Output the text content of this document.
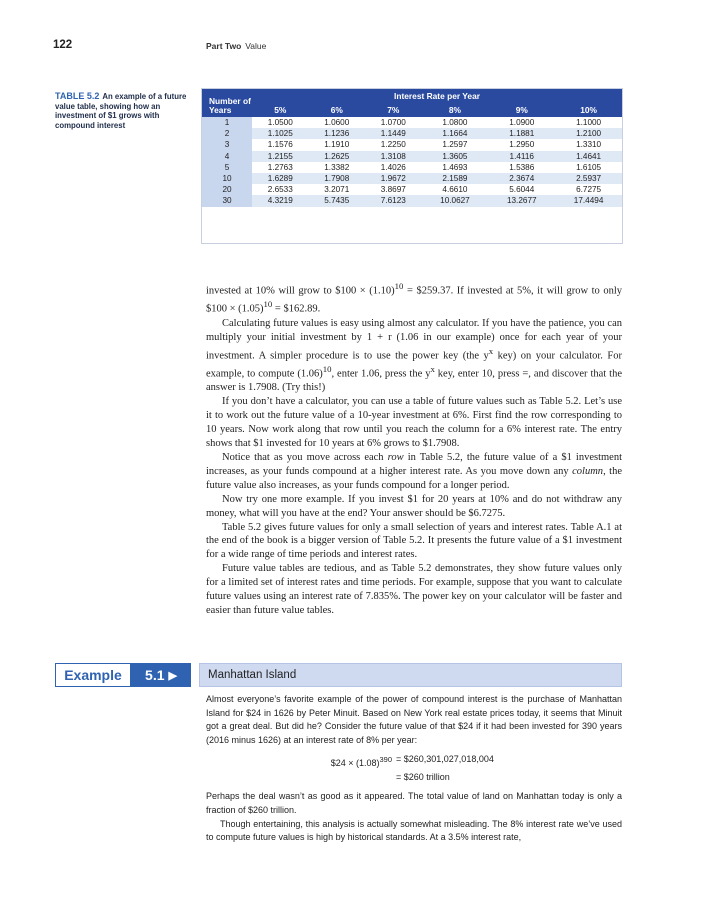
122	Part Two Value
TABLE 5.2 An example of a future value table, showing how an investment of $1 grows with compound interest
Number of Years	Interest Rate per Year					
	5%	6%	7%	8%	9%	10%
1	1.0500	1.0600	1.0700	1.0800	1.0900	1.1000
2	1.1025	1.1236	1.1449	1.1664	1.1881	1.2100
3	1.1576	1.1910	1.2250	1.2597	1.2950	1.3310
4	1.2155	1.2625	1.3108	1.3605	1.4116	1.4641
5	1.2763	1.3382	1.4026	1.4693	1.5386	1.6105
10	1.6289	1.7908	1.9672	2.1589	2.3674	2.5937
20	2.6533	3.2071	3.8697	4.6610	5.6044	6.7275
30	4.3219	5.7435	7.6123	10.0627	13.2677	17.4494

invested at 10% will grow to $100 × $(1.10)^{10}$ = $259.37. If invested at 5%, it will grow to only $100 × $(1.05)^{10}$ = $162.89.

Calculating future values is easy using almost any calculator. If you have the patience, you can multiply your initial investment by 1 + r (1.06 in our example) once for each year of your investment. A simpler procedure is to use the power key (the $y^x$ key) on your calculator. For example, to compute $(1.06)^{10}$, enter 1.06, press the $y^x$ key, enter 10, press =, and discover that the answer is 1.7908. (Try this!)

If you don’t have a calculator, you can use a table of future values such as Table 5.2. Let’s use it to work out the future value of a 10-year investment at 6%. First find the row corresponding to 10 years. Now work along that row until you reach the column for a 6% interest rate. The entry shows that $1 invested for 10 years at 6% grows to $1.7908.

Notice that as you move across each row in Table 5.2, the future value of a $1 investment increases, as your funds compound at a higher interest rate. As you move down any column, the future value also increases, as your funds compound for a longer period.

Now try one more example. If you invest $1 for 20 years at 10% and do not withdraw any money, what will you have at the end? Your answer should be $6.7275.

Table 5.2 gives future values for only a small selection of years and interest rates. Table A.1 at the end of the book is a bigger version of Table 5.2. It presents the future value of a $1 investment for a wide range of time periods and interest rates.

Future value tables are tedious, and as Table 5.2 demonstrates, they show future values only for a limited set of interest rates and time periods. For example, suppose that you want to calculate future values using an interest rate of 7.835%. The power key on your calculator will be faster and easier than future value tables.

Example 5.1 ▶	Manhattan Island

Almost everyone’s favorite example of the power of compound interest is the purchase of Manhattan Island for $24 in 1626 by Peter Minuit. Based on New York real estate prices today, it seems that Minuit got a great deal. But did he? Consider the future value of that $24 if it had been invested for 390 years (2016 minus 1626) at an interest rate of 8% per year:

$24 × $(1.08)^{390}$ = $260,301,027,018,004
= $260 trillion

Perhaps the deal wasn’t as good as it appeared. The total value of land on Manhattan today is only a fraction of $260 trillion.

Though entertaining, this analysis is actually somewhat misleading. The 8% interest rate we’ve used to compute future values is high by historical standards. At a 3.5% interest rate,
